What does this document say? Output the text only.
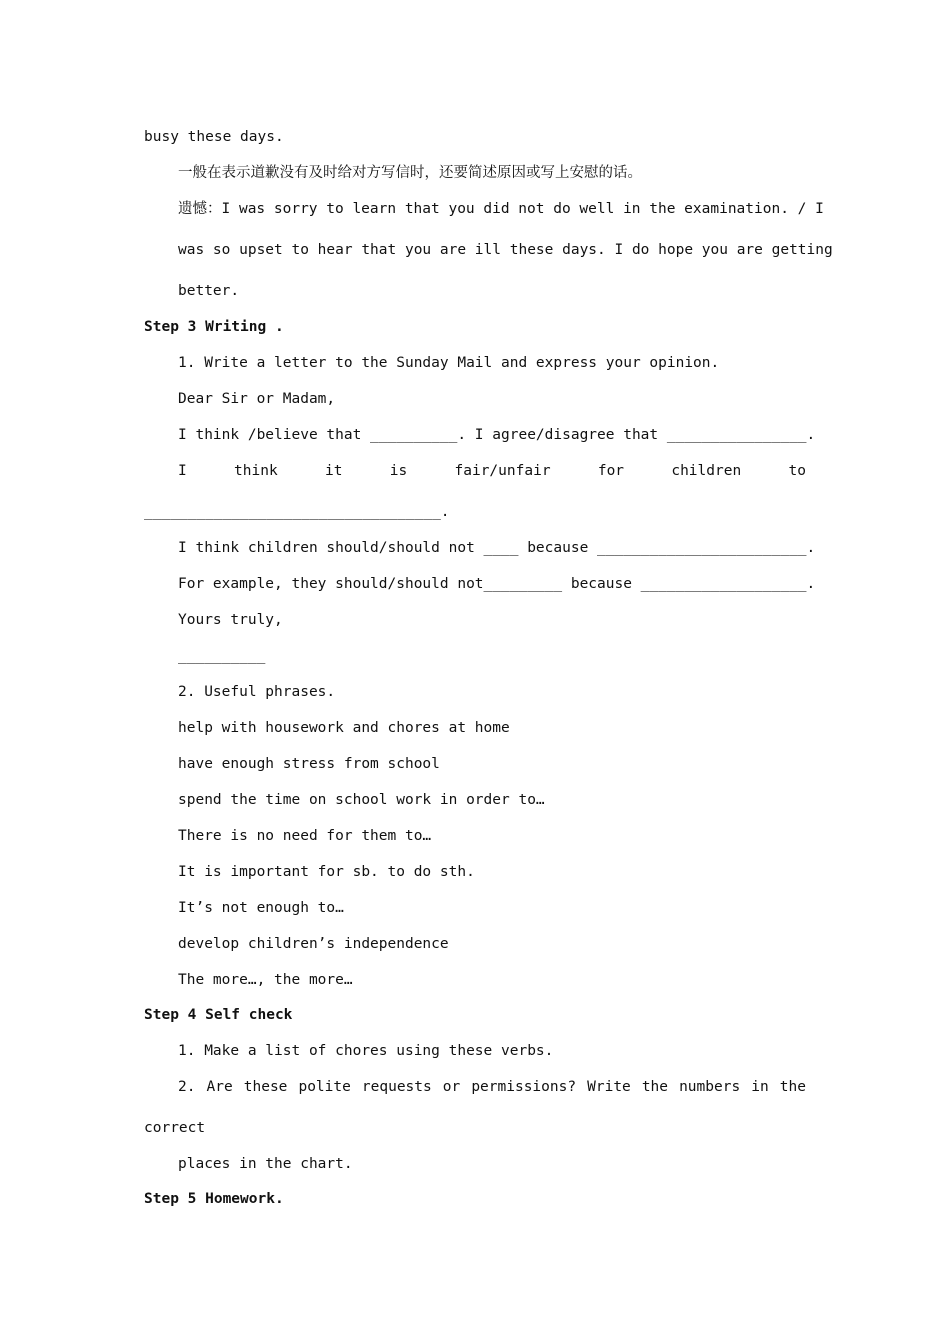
busy these days.
一般在表示道歉没有及时给对方写信时，还要简述原因或写上安慰的话。
遗憾：I was sorry to learn that you did not do well in the examination. / I
was so upset to hear that you are ill these days. I do hope you are getting
better.
Step 3 Writing .
1. Write a letter to the Sunday Mail and express your opinion.
Dear Sir or Madam,
I think /believe that __________. I agree/disagree that ________________.
I	think	it	is	fair/unfair	for	children	to
__________________________________.
I think children should/should not ____ because ________________________.
For example, they should/should not_________ because ___________________.
Yours truly,
__________
2. Useful phrases.
help with housework and chores at home
have enough stress from school
spend the time on school work in order to…
There is no need for them to…
It is important for sb. to do sth.
It’s not enough to…
develop children’s independence
The more…, the more…
Step 4 Self check
1. Make a list of chores using these verbs.
2. Are these polite requests or permissions? Write the numbers in the
correct
places in the chart.
Step 5 Homework.
